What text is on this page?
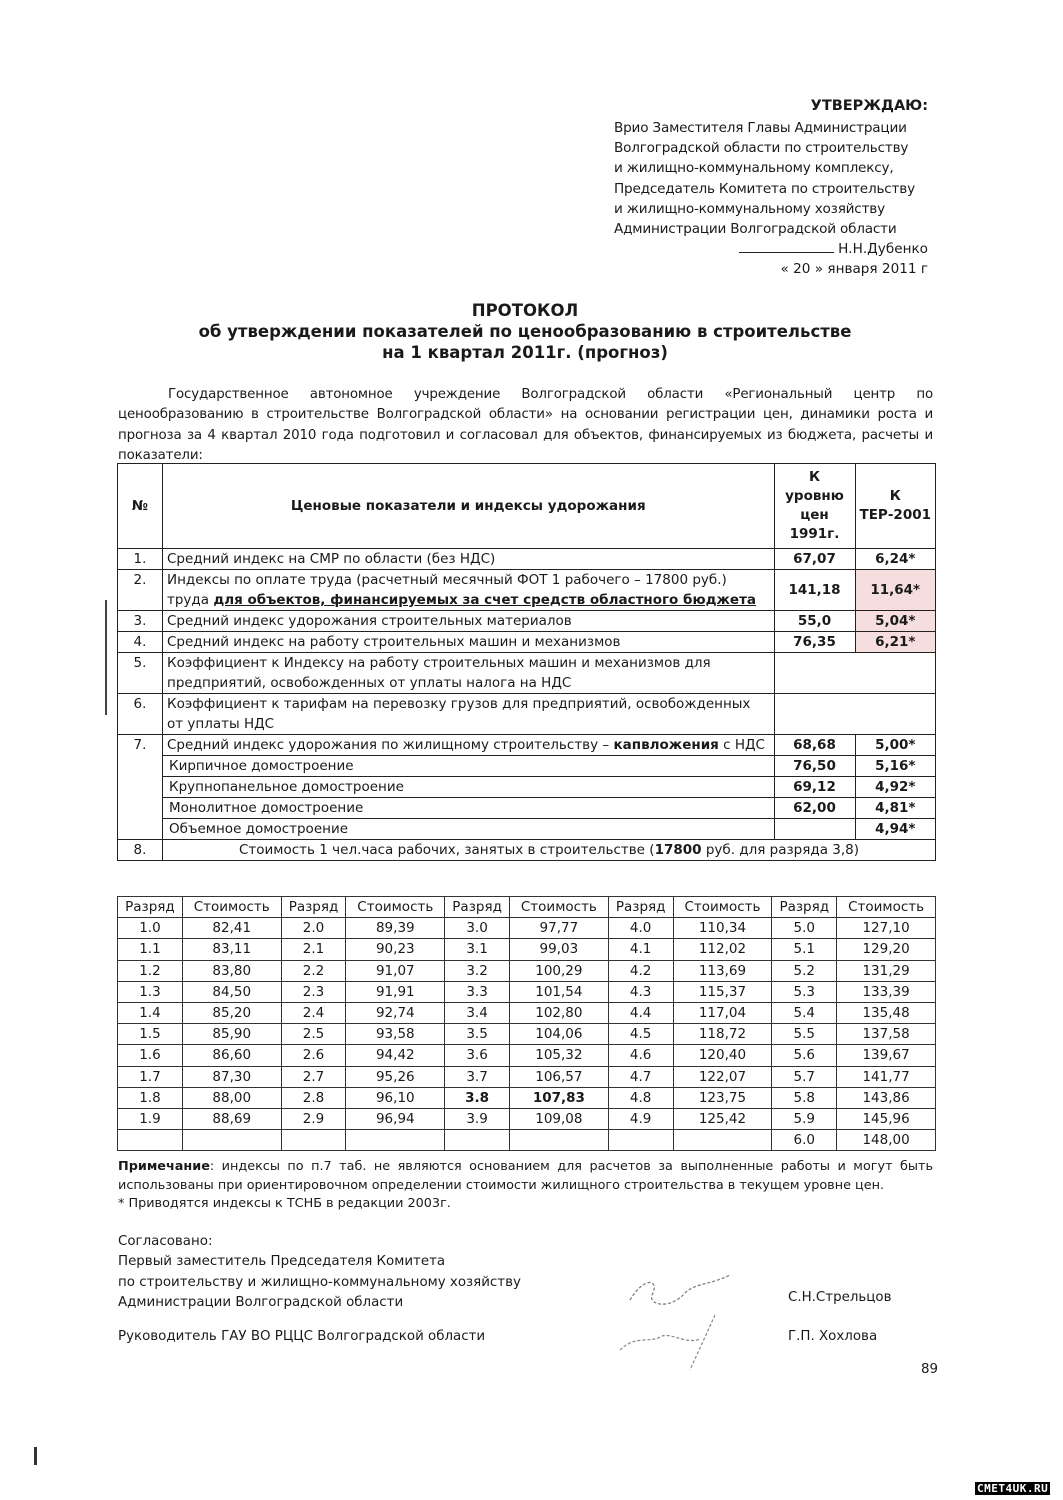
УТВЕРЖДАЮ:
Врио Заместителя Главы Администрации
Волгоградской области по строительству
и жилищно-коммунальному комплексу,
Председатель Комитета по строительству
и жилищно-коммунальному хозяйству
Администрации Волгоградской области
Н.Н.Дубенко
« 20 » января 2011 г
ПРОТОКОЛ
об утверждении показателей по ценообразованию в строительстве
на 1 квартал 2011г. (прогноз)

Государственное автономное учреждение Волгоградской области «Региональный центр по ценообразованию в строительстве Волгоградской области» на основании регистрации цен, динамики роста и прогноза за 4 квартал 2010 года подготовил и согласовал для объектов, финансируемых из бюджета, расчеты и показатели:

№	Ценовые показатели и индексы удорожания	К уровню цен 1991г.	К ТЕР-2001
1.	Средний индекс на СМР по области (без НДС)	67,07	6,24*
2.	Индексы по оплате труда (расчетный месячный ФОТ 1 рабочего – 17800 руб.) труда для объектов, финансируемых за счет средств областного бюджета	141,18	11,64*
3.	Средний индекс удорожания строительных материалов	55,0	5,04*
4.	Средний индекс на работу строительных машин и механизмов	76,35	6,21*
5.	Коэффициент к Индексу на работу строительных машин и механизмов для предприятий, освобожденных от уплаты налога на НДС		
6.	Коэффициент к тарифам на перевозку грузов для предприятий, освобожденных от уплаты НДС		
7.	Средний индекс удорожания по жилищному строительству – капвложения с НДС	68,68	5,00*
	Кирпичное домостроение	76,50	5,16*
	Крупнопанельное домостроение	69,12	4,92*
	Монолитное домостроение	62,00	4,81*
	Объемное домостроение		4,94*
8.	Стоимость 1 чел.часа рабочих, занятых в строительстве (17800 руб. для разряда 3,8)		
Разряд	Стоимость	Разряд	Стоимость	Разряд	Стоимость	Разряд	Стоимость	Разряд	Стоимость
1.0	82,41	2.0	89,39	3.0	97,77	4.0	110,34	5.0	127,10
1.1	83,11	2.1	90,23	3.1	99,03	4.1	112,02	5.1	129,20
1.2	83,80	2.2	91,07	3.2	100,29	4.2	113,69	5.2	131,29
1.3	84,50	2.3	91,91	3.3	101,54	4.3	115,37	5.3	133,39
1.4	85,20	2.4	92,74	3.4	102,80	4.4	117,04	5.4	135,48
1.5	85,90	2.5	93,58	3.5	104,06	4.5	118,72	5.5	137,58
1.6	86,60	2.6	94,42	3.6	105,32	4.6	120,40	5.6	139,67
1.7	87,30	2.7	95,26	3.7	106,57	4.7	122,07	5.7	141,77
1.8	88,00	2.8	96,10	3.8	107,83	4.8	123,75	5.8	143,86
1.9	88,69	2.9	96,94	3.9	109,08	4.9	125,42	5.9	145,96
								6.0	148,00
Примечание: индексы по п.7 таб. не являются основанием для расчетов за выполненные работы и могут быть использованы при ориентировочном определении стоимости жилищного строительства в текущем уровне цен.
* Приводятся индексы к ТСНБ в редакции 2003г.
Согласовано:
Первый заместитель Председателя Комитета
по строительству и жилищно-коммунальному хозяйству
Администрации Волгоградской области	С.Н.Стрельцов
Руководитель ГАУ ВО РЦЦС Волгоградской области	Г.П. Хохлова
89
СМЕТ4UK.RU
